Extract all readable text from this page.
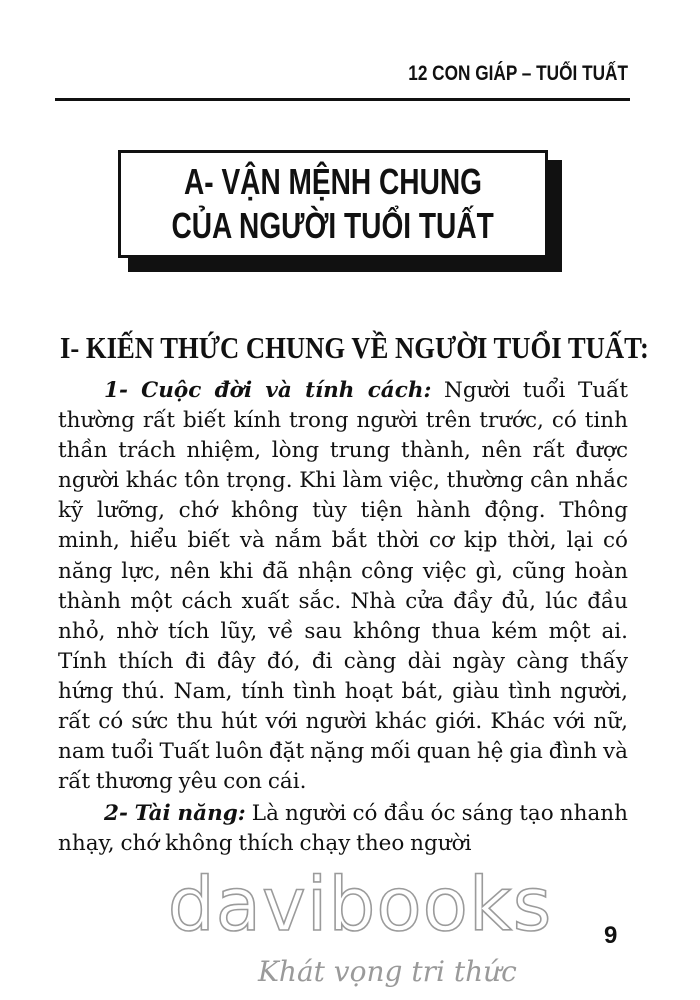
12 CON GIÁP – TUỔI TUẤT
A- VẬN MỆNH CHUNG
CỦA NGƯỜI TUỔI TUẤT
I- KIẾN THỨC CHUNG VỀ NGƯỜI TUỔI TUẤT:
1- Cuộc đời và tính cách: Người tuổi Tuất thường rất biết kính trong người trên trước, có tinh thần trách nhiệm, lòng trung thành, nên rất được người khác tôn trọng. Khi làm việc, thường cân nhắc kỹ lưỡng, chớ không tùy tiện hành động. Thông minh, hiểu biết và nắm bắt thời cơ kịp thời, lại có năng lực, nên khi đã nhận công việc gì, cũng hoàn thành một cách xuất sắc. Nhà cửa đầy đủ, lúc đầu nhỏ, nhờ tích lũy, về sau không thua kém một ai. Tính thích đi đây đó, đi càng dài ngày càng thấy hứng thú. Nam, tính tình hoạt bát, giàu tình người, rất có sức thu hút với người khác giới. Khác với nữ, nam tuổi Tuất luôn đặt nặng mối quan hệ gia đình và rất thương yêu con cái.
2- Tài năng: Là người có đầu óc sáng tạo nhanh nhạy, chớ không thích chạy theo người
davibooks
Khát vọng tri thức
9
